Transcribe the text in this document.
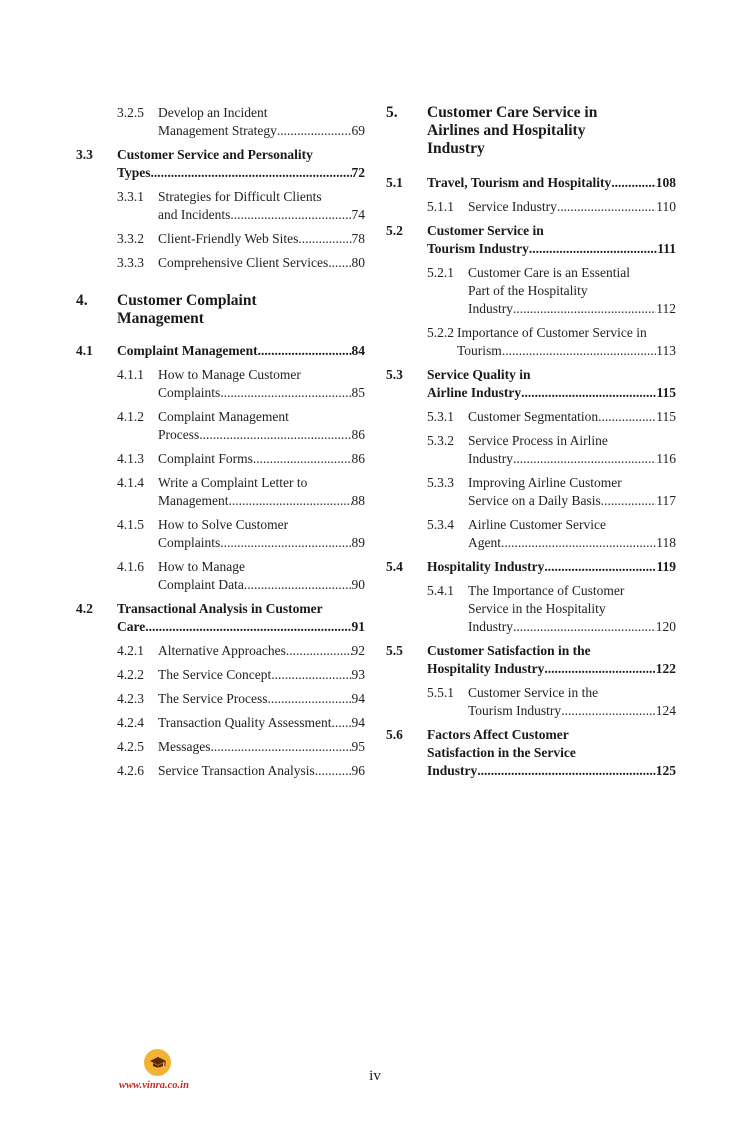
3.2.5	Develop an Incident
Management Strategy .....	69
3.3	Customer Service and Personality
Types .....	72
3.3.1	Strategies for Difficult Clients
and Incidents .....	74
3.3.2	Client-Friendly Web Sites .....	78
3.3.3	Comprehensive Client Services ..... 80
4.	Customer Complaint
Management
4.1	Complaint Management .....	84
4.1.1	How to Manage Customer
Complaints .....	85
4.1.2	Complaint Management
Process .....	86
4.1.3	Complaint Forms .....	86
4.1.4	Write a Complaint Letter to
Management .....	88
4.1.5	How to Solve Customer
Complaints .....	89
4.1.6	How to Manage
Complaint Data .....	90
4.2	Transactional Analysis in Customer
Care .....	91
4.2.1	Alternative Approaches .....	92
4.2.2	The Service Concept .....	93
4.2.3	The Service Process .....	94
4.2.4	Transaction Quality Assessment ..... 94
4.2.5	Messages .....	95
4.2.6	Service Transaction Analysis .....	96
5.	Customer Care Service in
Airlines and Hospitality
Industry
5.1	Travel, Tourism and Hospitality .....	108
5.1.1	Service Industry .....	110
5.2	Customer Service in
Tourism Industry .....	111
5.2.1	Customer Care is an Essential
Part of the Hospitality
Industry .....	112
5.2.2 Importance of Customer Service in
Tourism .....	113
5.3	Service Quality in
Airline Industry .....	115
5.3.1	Customer Segmentation .....	115
5.3.2	Service Process in Airline
Industry .....	116
5.3.3	Improving Airline Customer
Service on a Daily Basis .....	117
5.3.4	Airline Customer Service
Agent .....	118
5.4	Hospitality Industry .....	119
5.4.1	The Importance of Customer
Service in the Hospitality
Industry .....	120
5.5	Customer Satisfaction in the
Hospitality Industry .....	122
5.5.1	Customer Service in the
Tourism Industry .....	124
5.6	Factors Affect Customer
Satisfaction in the Service
Industry .....	125
www.vinra.co.in
iv
